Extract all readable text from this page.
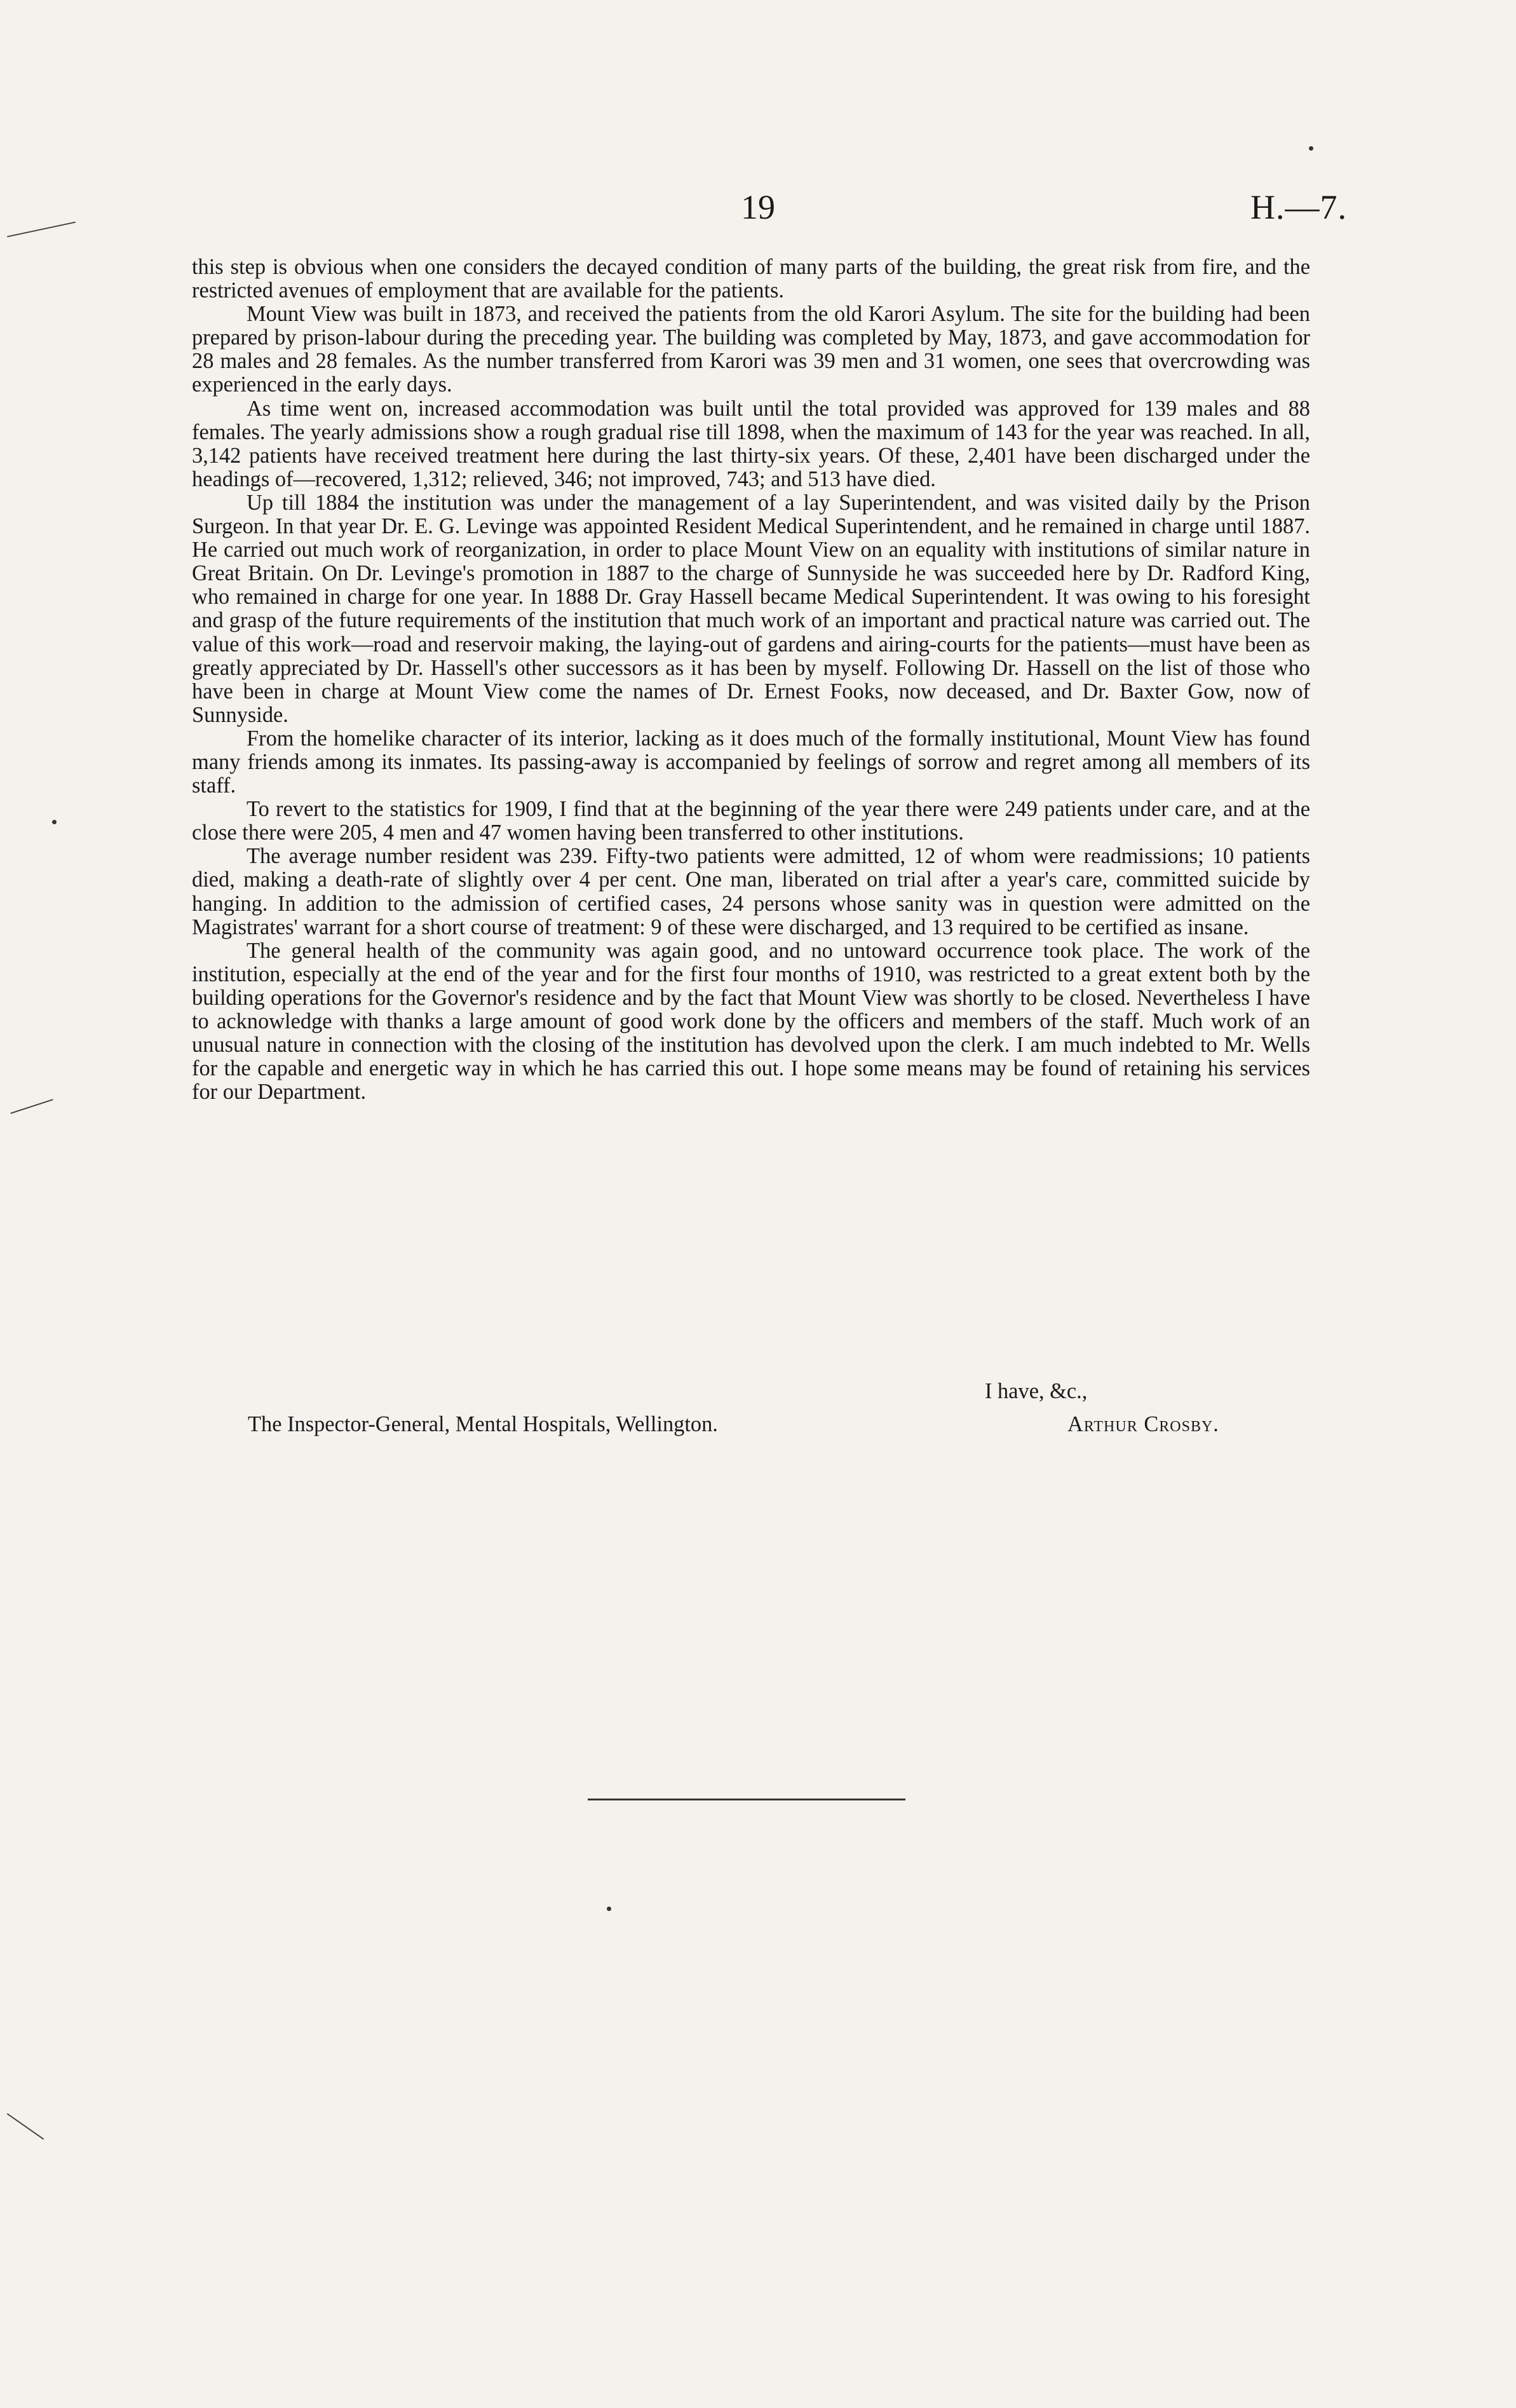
19	H.—7.

this step is obvious when one considers the decayed condition of many parts of the building, the great risk from fire, and the restricted avenues of employment that are available for the patients.

Mount View was built in 1873, and received the patients from the old Karori Asylum. The site for the building had been prepared by prison-labour during the preceding year. The building was completed by May, 1873, and gave accommodation for 28 males and 28 females. As the number transferred from Karori was 39 men and 31 women, one sees that overcrowding was experienced in the early days.

As time went on, increased accommodation was built until the total provided was approved for 139 males and 88 females. The yearly admissions show a rough gradual rise till 1898, when the maximum of 143 for the year was reached. In all, 3,142 patients have received treatment here during the last thirty-six years. Of these, 2,401 have been discharged under the headings of—recovered, 1,312; relieved, 346; not improved, 743; and 513 have died.

Up till 1884 the institution was under the management of a lay Superintendent, and was visited daily by the Prison Surgeon. In that year Dr. E. G. Levinge was appointed Resident Medical Superintendent, and he remained in charge until 1887. He carried out much work of reorganization, in order to place Mount View on an equality with institutions of similar nature in Great Britain. On Dr. Levinge's promotion in 1887 to the charge of Sunnyside he was succeeded here by Dr. Radford King, who remained in charge for one year. In 1888 Dr. Gray Hassell became Medical Superintendent. It was owing to his foresight and grasp of the future requirements of the institution that much work of an important and practical nature was carried out. The value of this work—road and reservoir making, the laying-out of gardens and airing-courts for the patients—must have been as greatly appreciated by Dr. Hassell's other successors as it has been by myself. Following Dr. Hassell on the list of those who have been in charge at Mount View come the names of Dr. Ernest Fooks, now deceased, and Dr. Baxter Gow, now of Sunnyside.

From the homelike character of its interior, lacking as it does much of the formally institutional, Mount View has found many friends among its inmates. Its passing-away is accompanied by feelings of sorrow and regret among all members of its staff.

To revert to the statistics for 1909, I find that at the beginning of the year there were 249 patients under care, and at the close there were 205, 4 men and 47 women having been transferred to other institutions.

The average number resident was 239. Fifty-two patients were admitted, 12 of whom were readmissions; 10 patients died, making a death-rate of slightly over 4 per cent. One man, liberated on trial after a year's care, committed suicide by hanging. In addition to the admission of certified cases, 24 persons whose sanity was in question were admitted on the Magistrates' warrant for a short course of treatment: 9 of these were discharged, and 13 required to be certified as insane.

The general health of the community was again good, and no untoward occurrence took place. The work of the institution, especially at the end of the year and for the first four months of 1910, was restricted to a great extent both by the building operations for the Governor's residence and by the fact that Mount View was shortly to be closed. Nevertheless I have to acknowledge with thanks a large amount of good work done by the officers and members of the staff. Much work of an unusual nature in connection with the closing of the institution has devolved upon the clerk. I am much indebted to Mr. Wells for the capable and energetic way in which he has carried this out. I hope some means may be found of retaining his services for our Department.

I have, &c.,
The Inspector-General, Mental Hospitals, Wellington.	Arthur Crosby.
